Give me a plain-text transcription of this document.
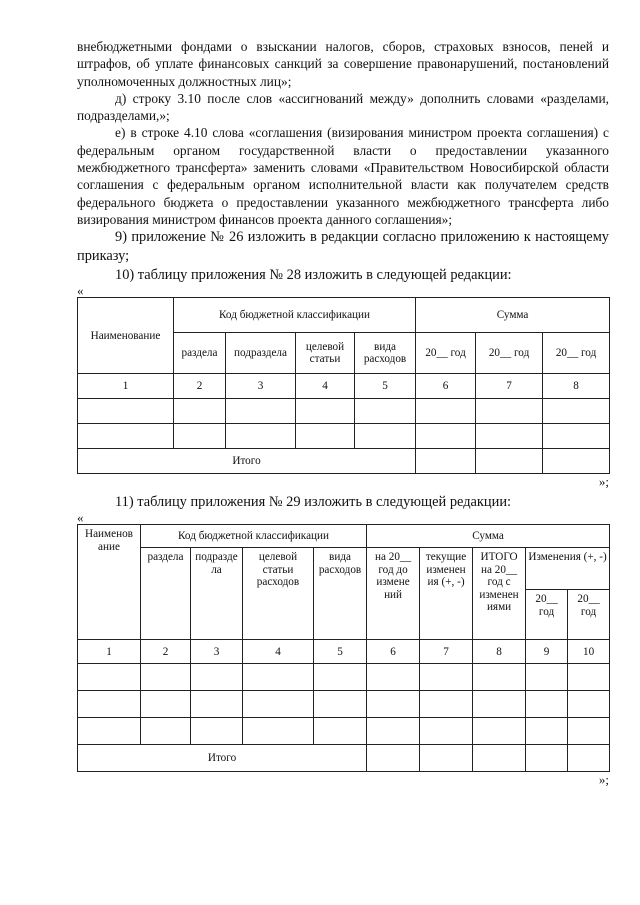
внебюджетными фондами о взыскании налогов, сборов, страховых взносов, пеней и штрафов, об уплате финансовых санкций за совершение правонарушений, постановлений уполномоченных должностных лиц»;

д) строку 3.10 после слов «ассигнований между» дополнить словами «разделами, подразделами,»;

е) в строке 4.10 слова «соглашения (визирования министром проекта соглашения) с федеральным органом государственной власти о предоставлении указанного межбюджетного трансферта» заменить словами «Правительством Новосибирской области соглашения с федеральным органом исполнительной власти как получателем средств федерального бюджета о предоставлении указанного межбюджетного трансферта либо визирования министром финансов проекта данного соглашения»;

9) приложение № 26 изложить в редакции согласно приложению к настоящему приказу;

10) таблицу приложения № 28 изложить в следующей редакции:

«

Наименование	Код бюджетной классификации				Сумма		
	раздела	подраздела	целевой статьи	вида расходов	20__ год	20__ год	20__ год
1	2	3	4	5	6	7	8

Итого							

»;

11) таблицу приложения № 29 изложить в следующей редакции:

«

Наименов ание	Код бюджетной классификации				Сумма				
	раздела	подразде ла	целевой статьи расходов	вида расходов	на 20__ год до измене ний	текущие изменен ия (+, -)	ИТОГО на 20__ год с изменен иями	Изменения (+, -)	
								20__ год	20__ год
1	2	3	4	5	6	7	8	9	10

Итого									

»;
